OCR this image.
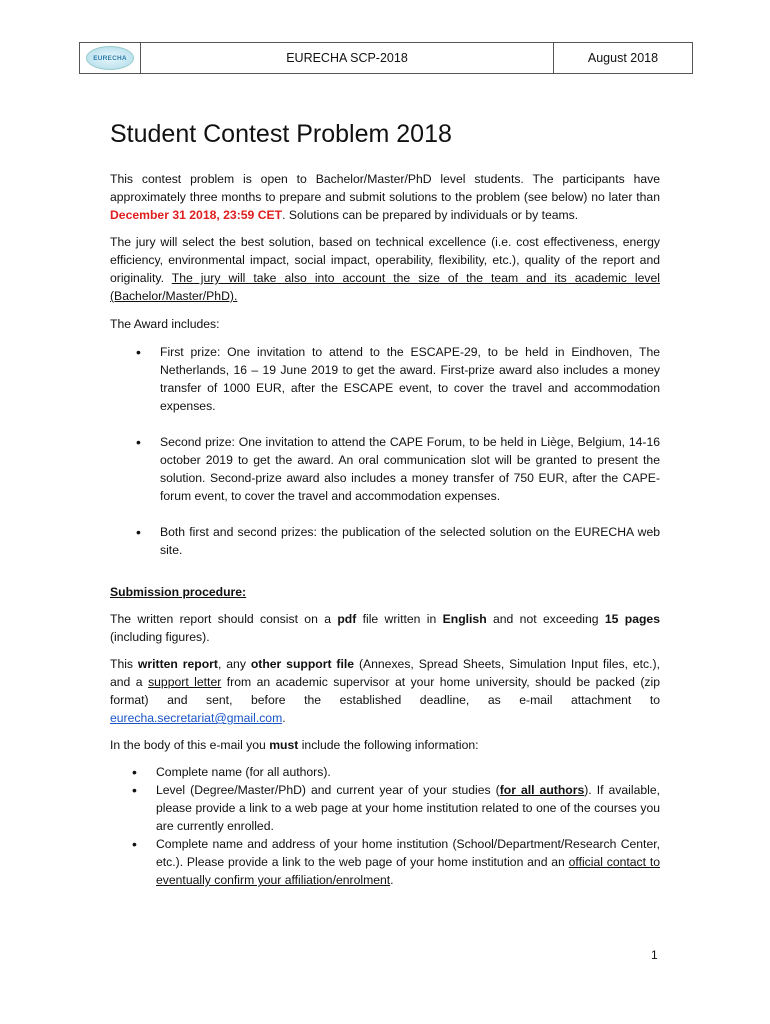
EURECHA	EURECHA SCP-2018	August 2018
Student Contest Problem 2018

This contest problem is open to Bachelor/Master/PhD level students. The participants have approximately three months to prepare and submit solutions to the problem (see below) no later than December 31 2018, 23:59 CET. Solutions can be prepared by individuals or by teams.

The jury will select the best solution, based on technical excellence (i.e. cost effectiveness, energy efficiency, environmental impact, social impact, operability, flexibility, etc.), quality of the report and originality. The jury will take also into account the size of the team and its academic level (Bachelor/Master/PhD).

The Award includes:

• First prize: One invitation to attend to the ESCAPE-29, to be held in Eindhoven, The Netherlands, 16 – 19 June 2019 to get the award. First-prize award also includes a money transfer of 1000 EUR, after the ESCAPE event, to cover the travel and accommodation expenses.
• Second prize: One invitation to attend the CAPE Forum, to be held in Liège, Belgium, 14-16 october 2019 to get the award. An oral communication slot will be granted to present the solution. Second-prize award also includes a money transfer of 750 EUR, after the CAPE-forum event, to cover the travel and accommodation expenses.
• Both first and second prizes: the publication of the selected solution on the EURECHA web site.

Submission procedure:

The written report should consist on a pdf file written in English and not exceeding 15 pages (including figures).

This written report, any other support file (Annexes, Spread Sheets, Simulation Input files, etc.), and a support letter from an academic supervisor at your home university, should be packed (zip format) and sent, before the established deadline, as e-mail attachment to eurecha.secretariat@gmail.com.

In the body of this e-mail you must include the following information:

• Complete name (for all authors).
• Level (Degree/Master/PhD) and current year of your studies (for all authors). If available, please provide a link to a web page at your home institution related to one of the courses you are currently enrolled.
• Complete name and address of your home institution (School/Department/Research Center, etc.). Please provide a link to the web page of your home institution and an official contact to eventually confirm your affiliation/enrolment.
1
